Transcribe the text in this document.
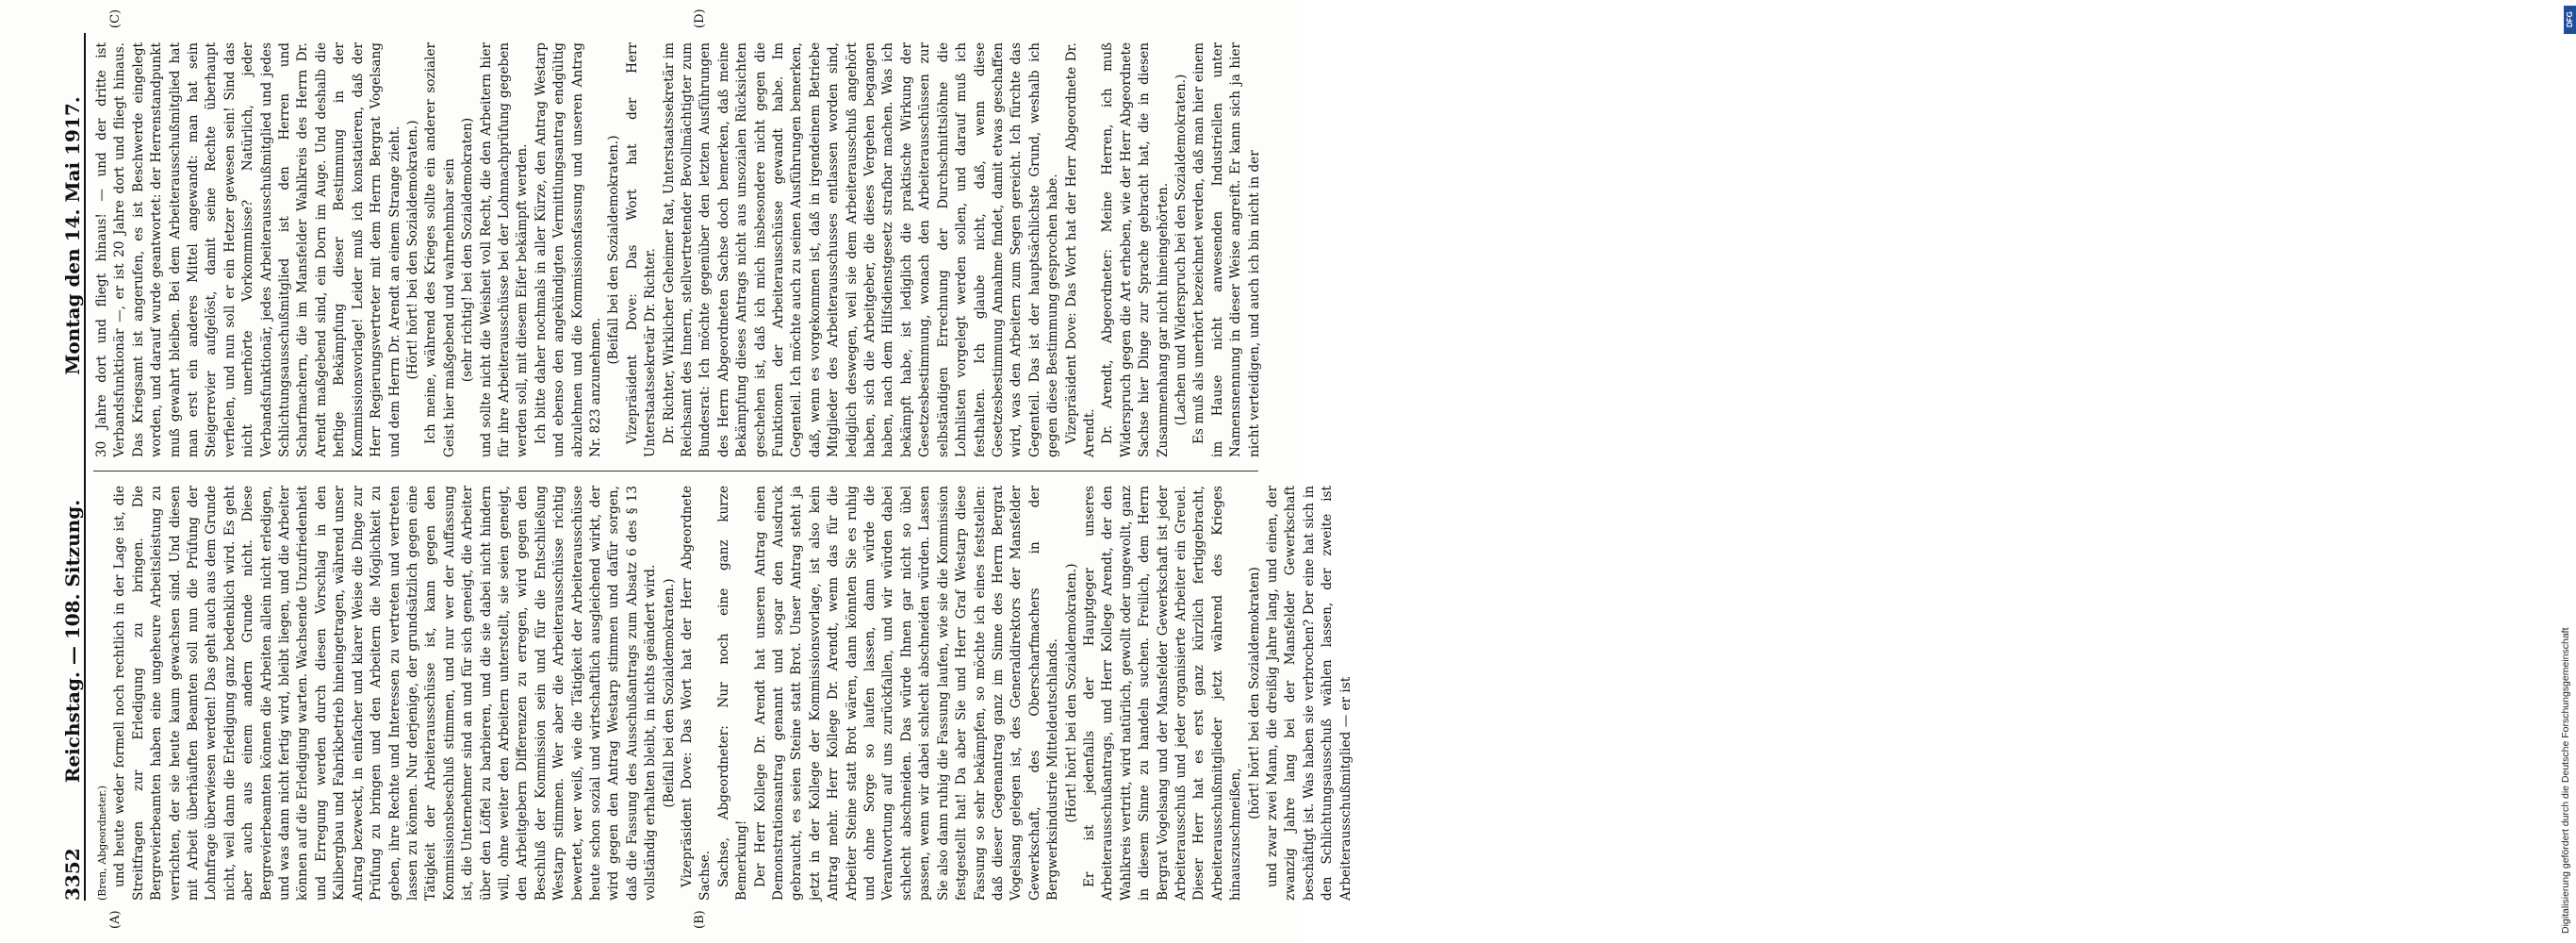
3352
Reichstag. — 108. Sitzung.
Montag den 14. Mai 1917.

(Bren, Abgeordneter.) und heute weder formell noch rechtlich in der Lage ist, die Streitfragen zur Erledigung zu bringen. Die Bergrevierbeamten haben eine ungeheure Arbeitsleistung zu verrichten, der sie heute kaum gewachsen sind. Und diesen mit Arbeit überhäuften Beamten soll nun die Prüfung der Lohnfrage überwiesen werden! Das geht auch aus dem Grunde nicht, weil dann die Erledigung ganz bedenklich wird. Es geht aber auch aus einem andern Grunde nicht. Diese Bergrevierbeamten können die Arbeiten allein nicht erledigen, und was dann nicht fertig wird, bleibt liegen, und die Arbeiter können auf die Erledigung warten. Wachsende Unzufriedenheit und Erregung werden durch diesen Vorschlag in den Kalibergbau und Fabrikbetrieb hineingetragen, während unser Antrag bezweckt, in einfacher und klarer Weise die Dinge zur Prüfung zu bringen und den Arbeitern die Möglichkeit zu geben, ihre Rechte und Interessen zu vertreten und vertreten lassen zu können. Nur derjenige, der grundsätzlich gegen eine Tätigkeit der Arbeiterausschüsse ist, kann gegen den Kommissionsbeschluß stimmen, und nur wer der Auffassung ist, die Unternehmer sind an und für sich geneigt, die Arbeiter über den Löffel zu barbieren, und die sie dabei nicht hindern will, ohne weiter den Arbeitern unterstellt, sie seien geneigt, den Arbeitgebern Differenzen zu erregen, wird gegen den Beschluß der Kommission sein und für die Entschließung Westarp stimmen. Wer aber die Arbeiterausschüsse richtig bewertet, wer weiß, wie die Tätigkeit der Arbeiterausschüsse heute schon sozial und wirtschaftlich ausgleichend wirkt, der wird gegen den Antrag Westarp stimmen und dafür sorgen, daß die Fassung des Ausschußantrags zum Absatz 6 des § 13 vollständig erhalten bleibt, in nichts geändert wird. (Beifall bei den Sozialdemokraten.) Vizepräsident Dove: Das Wort hat der Herr Abgeordnete Sachse. Sachse, Abgeordneter: Nur noch eine ganz kurze Bemerkung! Der Herr Kollege Dr. Arendt hat unseren Antrag einen Demonstrationsantrag genannt und sogar den Ausdruck gebraucht, es seien Steine statt Brot. Unser Antrag steht ja jetzt in der Kollege der Kommissionsvorlage, ist also kein Antrag mehr. Herr Kollege Dr. Arendt, wenn das für die Arbeiter Steine statt Brot wären, dann könnten Sie es ruhig und ohne Sorge so laufen lassen, dann würde die Verantwortung auf uns zurückfallen, und wir würden dabei schlecht abschneiden. Das würde Ihnen gar nicht so übel passen, wenn wir dabei schlecht abschneiden würden. Lassen Sie also dann ruhig die Fassung laufen, wie sie die Kommission festgestellt hat! Da aber Sie und Herr Graf Westarp diese Fassung so sehr bekämpfen, so möchte ich eines feststellen: daß dieser Gegenantrag ganz im Sinne des Herrn Bergrat Vogelsang gelegen ist, des Generaldirektors der Mansfelder Gewerkschaft, des Oberscharfmachers in der Bergwerksindustrie Mitteldeutschlands. (Hört! hört! bei den Sozialdemokraten.) Er ist jedenfalls der Hauptgeger unseres Arbeiterausschußantrags, und Herr Kollege Arendt, der den Wahlkreis vertritt, wird natürlich, gewollt oder ungewollt, ganz in diesem Sinne zu handeln suchen. Freilich, dem Herrn Bergrat Vogelsang und der Mansfelder Gewerkschaft ist jeder Arbeiterausschuß und jeder organisierte Arbeiter ein Greuel. Dieser Herr hat es erst ganz kürzlich fertiggebracht, Arbeiterausschußmitglieder jetzt während des Krieges hinauszuschmeißen,

(hört! hört! bei den Sozialdemokraten) und zwar zwei Mann, die dreißig Jahre lang, und einen, der zwanzig Jahre lang bei der Mansfelder Gewerkschaft beschäftigt ist. Was haben sie verbrochen? Der eine hat sich in den Schlichtungsausschuß wählen lassen, der zweite ist Arbeiterausschußmitglied — er ist

30 Jahre dort und fliegt hinaus! — und der dritte ist Verbandsfunktionär —, er ist 20 Jahre dort und fliegt hinaus. Das Kriegsamt ist angerufen, es ist Beschwerde eingelegt worden, und darauf wurde geantwortet: der Herrenstandpunkt muß gewahrt bleiben. Bei dem Arbeiterausschußmitglied hat man erst ein anderes Mittel angewandt: man hat sein Steigerrevier aufgelöst, damit seine Rechte überhaupt verfielen, und nun soll er ein Hetzer gewesen sein! Sind das nicht unerhörte Vorkommnisse? Natürlich, jeder Verbandsfunktionär, jedes Arbeiterausschußmitglied und jedes Schlichtungsausschußmitglied ist den Herren und Scharfmachern, die im Mansfelder Wahlkreis des Herrn Dr. Arendt maßgebend sind, ein Dorn im Auge. Und deshalb die heftige Bekämpfung dieser Bestimmung in der Kommissionsvorlage! Leider muß ich konstatieren, daß der Herr Regierungsvertreter mit dem Herrn Bergrat Vogelsang und dem Herrn Dr. Arendt an einem Strange zieht. (Hört! hört! bei den Sozialdemokraten.) Ich meine, während des Krieges sollte ein anderer sozialer Geist hier maßgebend und wahrnehmbar sein (sehr richtig! bei den Sozialdemokraten) und sollte nicht die Weisheit voll Recht, die den Arbeitern hier für ihre Arbeiterausschüsse bei der Lohnnachprüfung gegeben werden soll, mit diesem Eifer bekämpft werden. Ich bitte daher nochmals in aller Kürze, den Antrag Westarp und ebenso den angekündigten Vermittlungsantrag endgültig abzulehnen und die Kommissionsfassung und unseren Antrag Nr. 823 anzunehmen.

(Beifall bei den Sozialdemokraten.) Vizepräsident Dove: Das Wort hat der Herr Unterstaatssekretär Dr. Richter. Dr. Richter, Wirklicher Geheimer Rat, Unterstaatssekretär im Reichsamt des Innern, stellvertretender Bevollmächtigter zum Bundesrat: Ich möchte gegenüber den letzten Ausführungen des Herrn Abgeordneten Sachse doch bemerken, daß meine Bekämpfung dieses Antrags nicht aus unsozialen Rücksichten geschehen ist, daß ich mich insbesondere nicht gegen die Funktionen der Arbeiterausschüsse gewandt habe. Im Gegenteil. Ich möchte auch zu seinen Ausführungen bemerken, daß, wenn es vorgekommen ist, daß in irgendeinem Betriebe Mitglieder des Arbeiterausschusses entlassen worden sind, lediglich deswegen, weil sie dem Arbeiterausschuß angehört haben, sich die Arbeitgeber, die dieses Vergehen begangen haben, nach dem Hilfsdienstgesetz strafbar machen. Was ich bekämpft habe, ist lediglich die praktische Wirkung der Gesetzesbestimmung, wonach den Arbeiterausschüssen zur selbständigen Errechnung der Durchschnittslöhne die Lohnlisten vorgelegt werden sollen, und darauf muß ich festhalten. Ich glaube nicht, daß, wenn diese Gesetzesbestimmung Annahme findet, damit etwas geschaffen wird, was den Arbeitern zum Segen gereicht. Ich fürchte das Gegenteil. Das ist der hauptsächlichste Grund, weshalb ich gegen diese Bestimmung gesprochen habe. Vizepräsident Dove: Das Wort hat der Herr Abgeordnete Dr. Arendt. Dr. Arendt, Abgeordneter: Meine Herren, ich muß Widerspruch gegen die Art erheben, wie der Herr Abgeordnete Sachse hier Dinge zur Sprache gebracht hat, die in diesen Zusammenhang gar nicht hineingehörten. (Lachen und Widerspruch bei den Sozialdemokraten.) Es muß als unerhört bezeichnet werden, daß man hier einem im Hause nicht anwesenden Industriellen unter Namensnennung in dieser Weise angreift. Er kann sich ja hier nicht verteidigen, und auch ich bin nicht in der

(A)	(B)
(C)	(D)	DFG
Digitalisierung gefördert durch die Deutsche Forschungsgemeinschaft
